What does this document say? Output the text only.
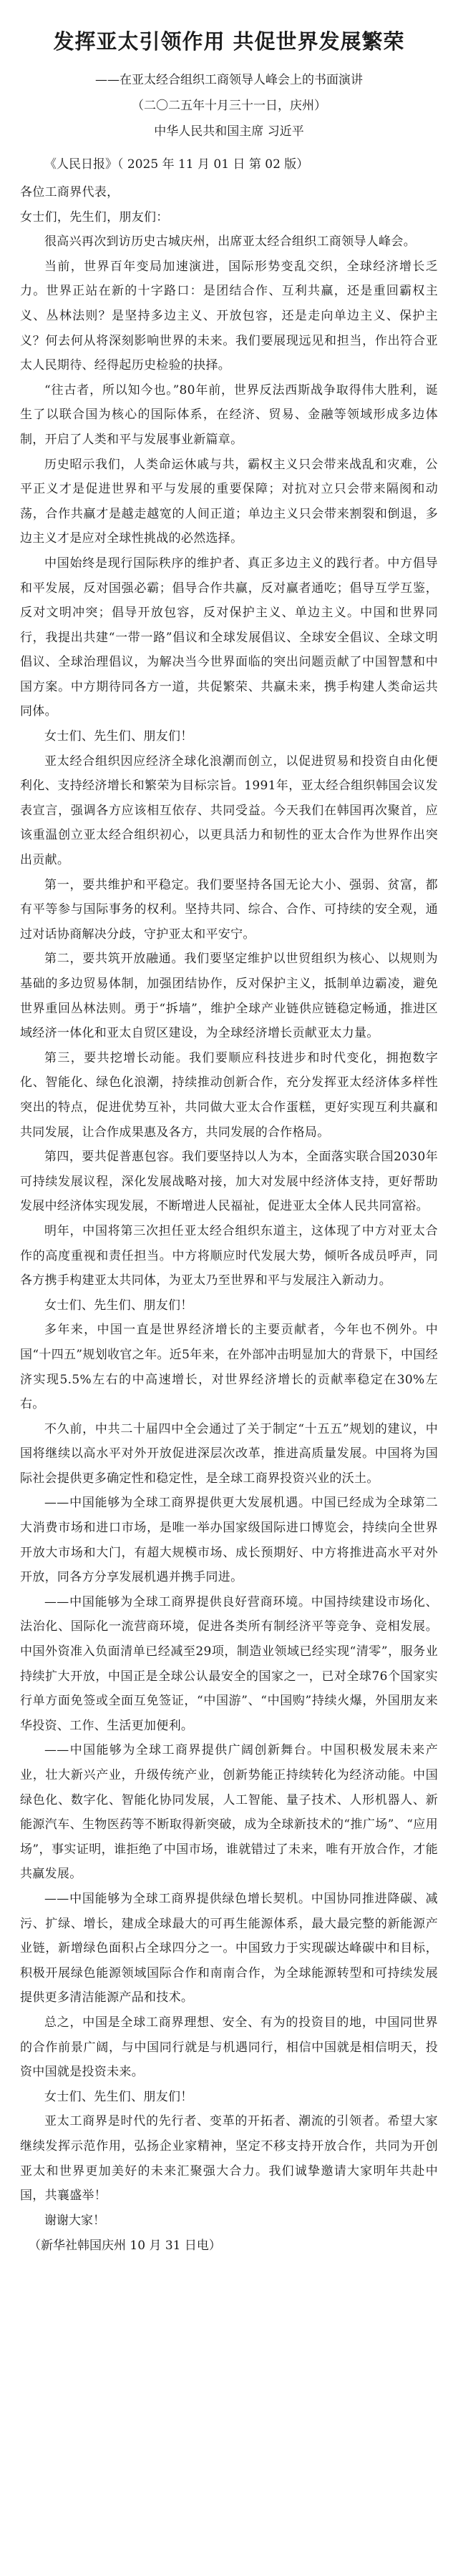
发挥亚太引领作用 共促世界发展繁荣

——在亚太经合组织工商领导人峰会上的书面演讲

（二〇二五年十月三十一日，庆州）

中华人民共和国主席 习近平

《人民日报》（ 2025 年 11 月 01 日 第 02 版）

各位工商界代表，

女士们，先生们，朋友们：

很高兴再次到访历史古城庆州，出席亚太经合组织工商领导人峰会。

当前，世界百年变局加速演进，国际形势变乱交织，全球经济增长乏力。世界正站在新的十字路口：是团结合作、互利共赢，还是重回霸权主义、丛林法则？是坚持多边主义、开放包容，还是走向单边主义、保护主义？何去何从将深刻影响世界的未来。我们要展现远见和担当，作出符合亚太人民期待、经得起历史检验的抉择。

“往古者，所以知今也。”80年前，世界反法西斯战争取得伟大胜利，诞生了以联合国为核心的国际体系，在经济、贸易、金融等领域形成多边体制，开启了人类和平与发展事业新篇章。

历史昭示我们，人类命运休戚与共，霸权主义只会带来战乱和灾难，公平正义才是促进世界和平与发展的重要保障；对抗对立只会带来隔阂和动荡，合作共赢才是越走越宽的人间正道；单边主义只会带来割裂和倒退，多边主义才是应对全球性挑战的必然选择。

中国始终是现行国际秩序的维护者、真正多边主义的践行者。中方倡导和平发展，反对国强必霸；倡导合作共赢，反对赢者通吃；倡导互学互鉴，反对文明冲突；倡导开放包容，反对保护主义、单边主义。中国和世界同行，我提出共建“一带一路”倡议和全球发展倡议、全球安全倡议、全球文明倡议、全球治理倡议，为解决当今世界面临的突出问题贡献了中国智慧和中国方案。中方期待同各方一道，共促繁荣、共赢未来，携手构建人类命运共同体。

女士们、先生们、朋友们！

亚太经合组织因应经济全球化浪潮而创立，以促进贸易和投资自由化便利化、支持经济增长和繁荣为目标宗旨。1991年，亚太经合组织韩国会议发表宣言，强调各方应该相互依存、共同受益。今天我们在韩国再次聚首，应该重温创立亚太经合组织初心，以更具活力和韧性的亚太合作为世界作出突出贡献。

第一，要共维护和平稳定。我们要坚持各国无论大小、强弱、贫富，都有平等参与国际事务的权利。坚持共同、综合、合作、可持续的安全观，通过对话协商解决分歧，守护亚太和平安宁。

第二，要共筑开放融通。我们要坚定维护以世贸组织为核心、以规则为基础的多边贸易体制，加强团结协作，反对保护主义，抵制单边霸凌，避免世界重回丛林法则。勇于“拆墙”，维护全球产业链供应链稳定畅通，推进区域经济一体化和亚太自贸区建设，为全球经济增长贡献亚太力量。

第三，要共挖增长动能。我们要顺应科技进步和时代变化，拥抱数字化、智能化、绿色化浪潮，持续推动创新合作，充分发挥亚太经济体多样性突出的特点，促进优势互补，共同做大亚太合作蛋糕，更好实现互利共赢和共同发展，让合作成果惠及各方，共同发展的合作格局。

第四，要共促普惠包容。我们要坚持以人为本，全面落实联合国2030年可持续发展议程，深化发展战略对接，加大对发展中经济体支持，更好帮助发展中经济体实现发展，不断增进人民福祉，促进亚太全体人民共同富裕。

明年，中国将第三次担任亚太经合组织东道主，这体现了中方对亚太合作的高度重视和责任担当。中方将顺应时代发展大势，倾听各成员呼声，同各方携手构建亚太共同体，为亚太乃至世界和平与发展注入新动力。

女士们、先生们、朋友们！

多年来，中国一直是世界经济增长的主要贡献者，今年也不例外。中国“十四五”规划收官之年。近5年来，在外部冲击明显加大的背景下，中国经济实现5.5%左右的中高速增长，对世界经济增长的贡献率稳定在30%左右。

不久前，中共二十届四中全会通过了关于制定“十五五”规划的建议，中国将继续以高水平对外开放促进深层次改革，推进高质量发展。中国将为国际社会提供更多确定性和稳定性，是全球工商界投资兴业的沃土。

——中国能够为全球工商界提供更大发展机遇。中国已经成为全球第二大消费市场和进口市场，是唯一举办国家级国际进口博览会，持续向全世界开放大市场和大门，有超大规模市场、成长预期好、中方将推进高水平对外开放，同各方分享发展机遇并携手同进。

——中国能够为全球工商界提供良好营商环境。中国持续建设市场化、法治化、国际化一流营商环境，促进各类所有制经济平等竞争、竞相发展。中国外资准入负面清单已经减至29项，制造业领域已经实现“清零”，服务业持续扩大开放，中国正是全球公认最安全的国家之一，已对全球76个国家实行单方面免签或全面互免签证，“中国游”、“中国购”持续火爆，外国朋友来华投资、工作、生活更加便利。

——中国能够为全球工商界提供广阔创新舞台。中国积极发展未来产业，壮大新兴产业，升级传统产业，创新势能正持续转化为经济动能。中国绿色化、数字化、智能化协同发展，人工智能、量子技术、人形机器人、新能源汽车、生物医药等不断取得新突破，成为全球新技术的“推广场”、“应用场”，事实证明，谁拒绝了中国市场，谁就错过了未来，唯有开放合作，才能共赢发展。

——中国能够为全球工商界提供绿色增长契机。中国协同推进降碳、减污、扩绿、增长，建成全球最大的可再生能源体系，最大最完整的新能源产业链，新增绿色面积占全球四分之一。中国致力于实现碳达峰碳中和目标，积极开展绿色能源领域国际合作和南南合作，为全球能源转型和可持续发展提供更多清洁能源产品和技术。

总之，中国是全球工商界理想、安全、有为的投资目的地，中国同世界的合作前景广阔，与中国同行就是与机遇同行，相信中国就是相信明天，投资中国就是投资未来。

女士们、先生们、朋友们！

亚太工商界是时代的先行者、变革的开拓者、潮流的引领者。希望大家继续发挥示范作用，弘扬企业家精神，坚定不移支持开放合作，共同为开创亚太和世界更加美好的未来汇聚强大合力。我们诚挚邀请大家明年共赴中国，共襄盛举！

谢谢大家！

（新华社韩国庆州 10 月 31 日电）
